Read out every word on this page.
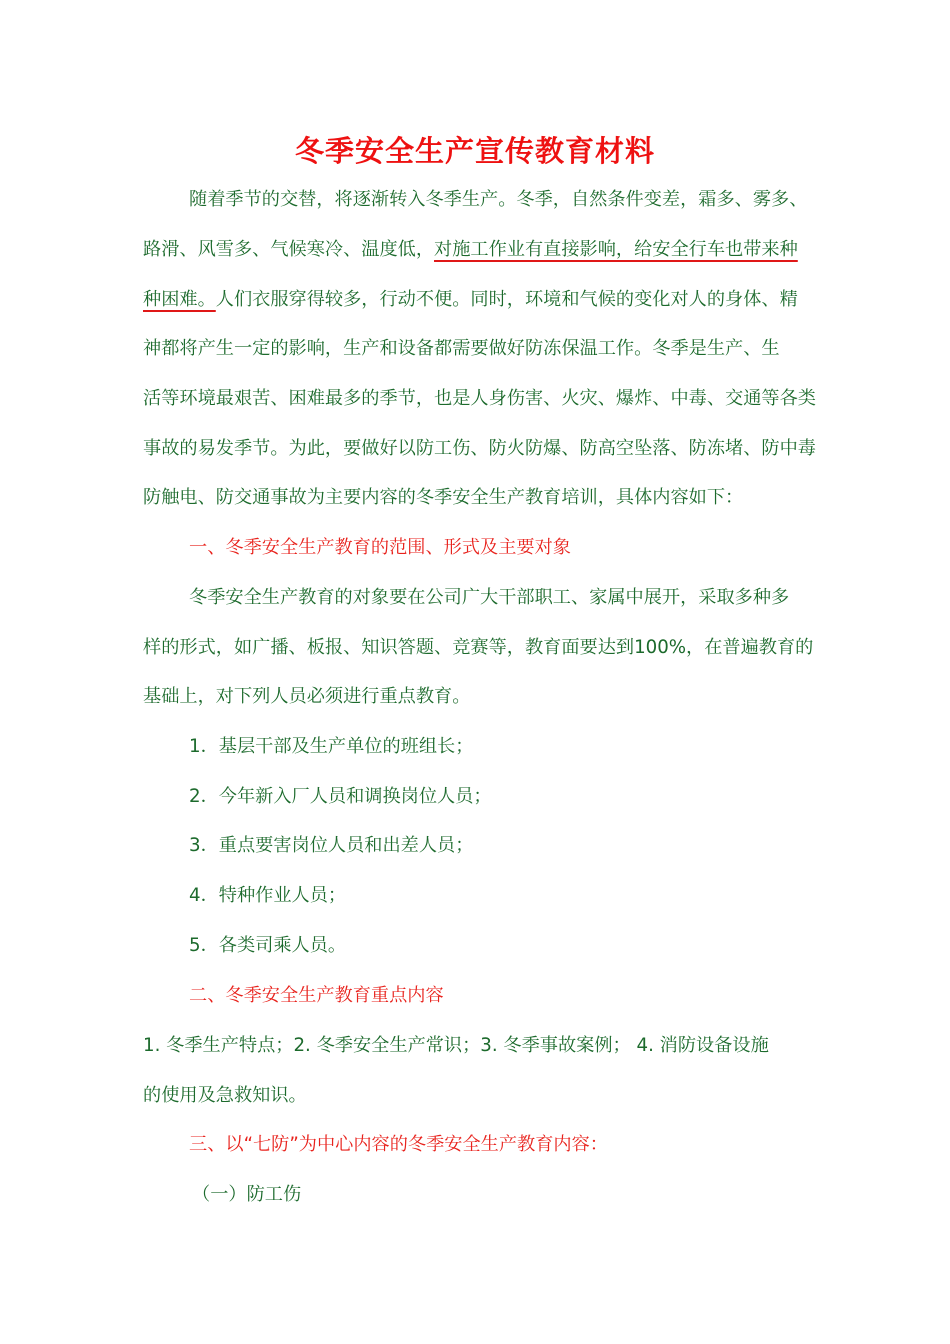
冬季安全生产宣传教育材料
随着季节的交替，将逐渐转入冬季生产。冬季，自然条件变差，霜多、雾多、
路滑、风雪多、气候寒冷、温度低，对施工作业有直接影响，给安全行车也带来种
种困难。人们衣服穿得较多，行动不便。同时，环境和气候的变化对人的身体、精
神都将产生一定的影响，生产和设备都需要做好防冻保温工作。冬季是生产、生
活等环境最艰苦、困难最多的季节，也是人身伤害、火灾、爆炸、中毒、交通等各类
事故的易发季节。为此，要做好以防工伤、防火防爆、防高空坠落、防冻堵、防中毒
防触电、防交通事故为主要内容的冬季安全生产教育培训，具体内容如下：
一、冬季安全生产教育的范围、形式及主要对象
冬季安全生产教育的对象要在公司广大干部职工、家属中展开，采取多种多
样的形式，如广播、板报、知识答题、竞赛等，教育面要达到100%，在普遍教育的
基础上，对下列人员必须进行重点教育。
1．基层干部及生产单位的班组长；
2．今年新入厂人员和调换岗位人员；
3．重点要害岗位人员和出差人员；
4．特种作业人员；
5．各类司乘人员。
二、冬季安全生产教育重点内容
1. 冬季生产特点；2. 冬季安全生产常识；3. 冬季事故案例； 4. 消防设备设施
的使用及急救知识。
三、以“七防”为中心内容的冬季安全生产教育内容：
（一）防工伤
